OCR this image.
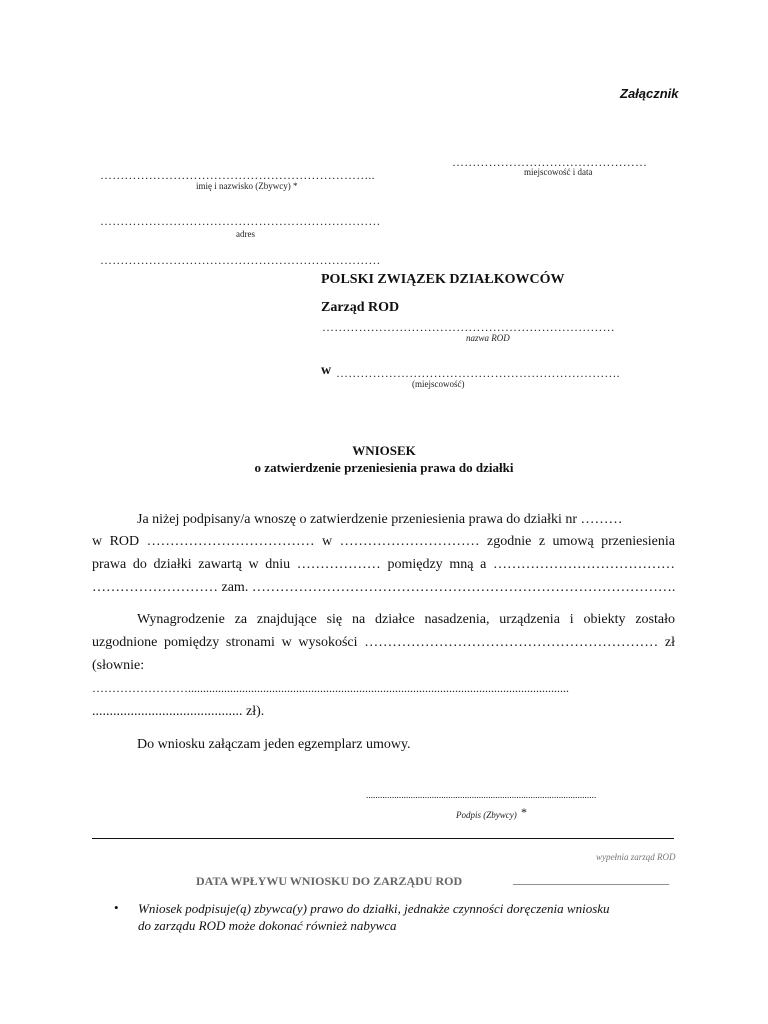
Załącznik
…………………………………………
miejscowość i data
…………………………………………………………..
imię i nazwisko (Zbywcy) *
……………………………………………………………
adres
……………………………………………………………
POLSKI ZWIĄZEK DZIAŁKOWCÓW
Zarząd ROD
………………………………………………………………
nazwa ROD
w …………………………………………………………….
(miejscowość)
WNIOSEK
o zatwierdzenie przeniesienia prawa do działki
Ja niżej podpisany/a wnoszę o zatwierdzenie przeniesienia prawa do działki nr ………
w ROD ……………………………… w ………………………… zgodnie z umową przeniesienia
prawa do działki zawartą w dniu ……………… pomiędzy mną a …………………………………
……………………… zam. ……………………………………………………………………………….
Wynagrodzenie za znajdujące się na działce nasadzenia, urządzenia i obiekty zostało
uzgodnione pomiędzy stronami w wysokości ……………………………………………………… zł
(słownie:
……………………...............................................................................................................................
........................................... zł).
Do wniosku załączam jeden egzemplarz umowy.
..................................................................................................
Podpis (Zbywcy) *
wypełnia zarząd ROD
DATA WPŁYWU WNIOSKU DO ZARZĄDU ROD	__________________________
• Wniosek podpisuje(ą) zbywca(y) prawo do działki, jednakże czynności doręczenia wniosku
do zarządu ROD może dokonać również nabywca
